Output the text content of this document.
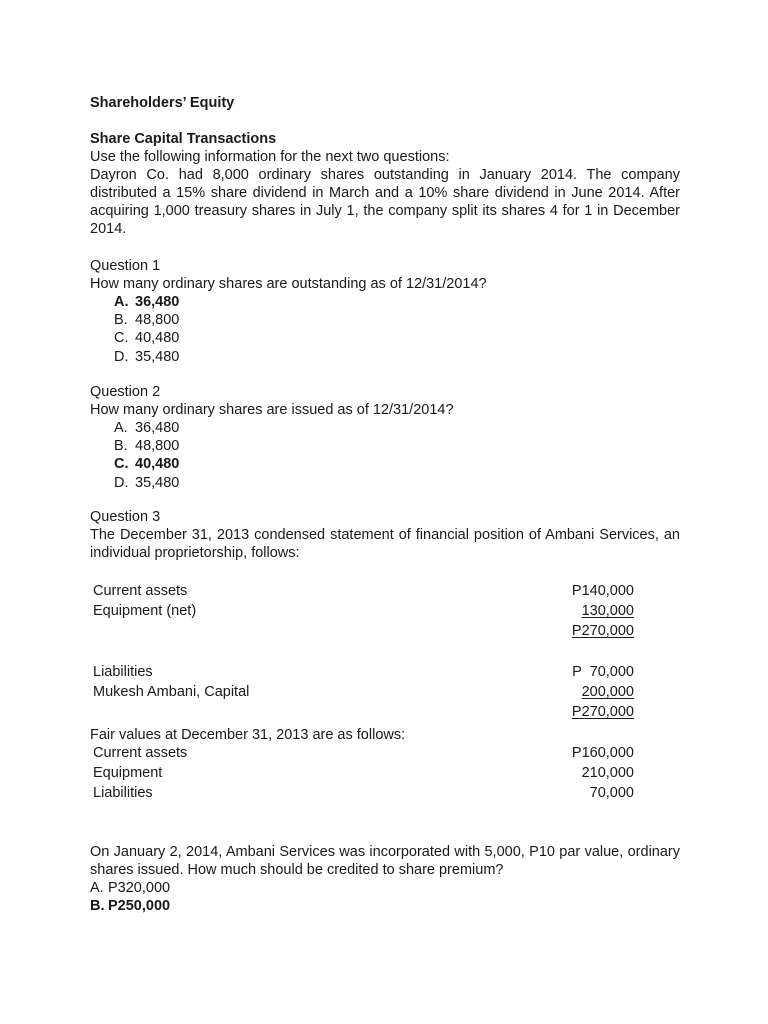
Shareholders’ Equity
Share Capital Transactions
Use the following information for the next two questions:
Dayron Co. had 8,000 ordinary shares outstanding in January 2014. The company distributed a 15% share dividend in March and a 10% share dividend in June 2014. After acquiring 1,000 treasury shares in July 1, the company split its shares 4 for 1 in December 2014.
Question 1
How many ordinary shares are outstanding as of 12/31/2014?
A. 36,480
B. 48,800
C. 40,480
D. 35,480
Question 2
How many ordinary shares are issued as of 12/31/2014?
A. 36,480
B. 48,800
C. 40,480
D. 35,480
Question 3
The December 31, 2013 condensed statement of financial position of Ambani Services, an individual proprietorship, follows:
Current assets	P140,000
Equipment (net)	130,000
P270,000
Liabilities	P  70,000
Mukesh Ambani, Capital	200,000
P270,000
Fair values at December 31, 2013 are as follows:
Current assets	P160,000
Equipment	210,000
Liabilities	70,000
On January 2, 2014, Ambani Services was incorporated with 5,000, P10 par value, ordinary shares issued. How much should be credited to share premium?
A. P320,000
B. P250,000
